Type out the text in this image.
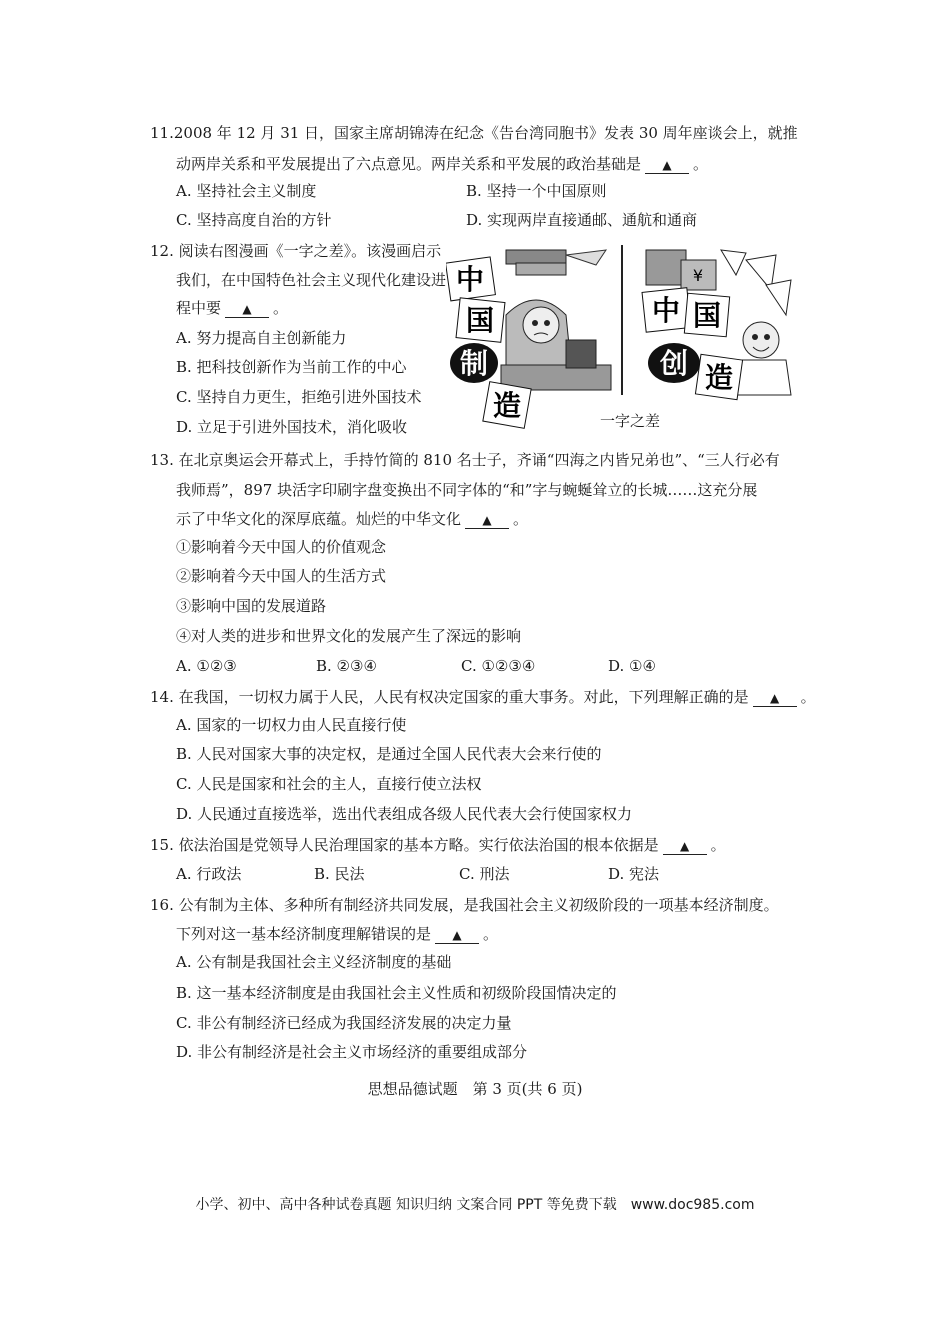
11.2008 年 12 月 31 日，国家主席胡锦涛在纪念《告台湾同胞书》发表 30 周年座谈会上，就推
动两岸关系和平发展提出了六点意见。两岸关系和平发展的政治基础是 ▲ 。
A. 坚持社会主义制度	B. 坚持一个中国原则
C. 坚持高度自治的方针	D. 实现两岸直接通邮、通航和通商
12. 阅读右图漫画《一字之差》。该漫画启示
我们，在中国特色社会主义现代化建设进
程中要 ▲ 。
A. 努力提高自主创新能力
B. 把科技创新作为当前工作的中心
C. 坚持自力更生，拒绝引进外国技术
D. 立足于引进外国技术，消化吸收
中
国
制
造
¥
中 国
创 造
一字之差
13. 在北京奥运会开幕式上，手持竹简的 810 名士子，齐诵“四海之内皆兄弟也”、“三人行必有
我师焉”，897 块活字印刷字盘变换出不同字体的“和”字与蜿蜒耸立的长城……这充分展
示了中华文化的深厚底蕴。灿烂的中华文化 ▲ 。
①影响着今天中国人的价值观念
②影响着今天中国人的生活方式
③影响中国的发展道路
④对人类的进步和世界文化的发展产生了深远的影响
A. ①②③	B. ②③④	C. ①②③④	D. ①④
14. 在我国，一切权力属于人民，人民有权决定国家的重大事务。对此，下列理解正确的是 ▲ 。
A. 国家的一切权力由人民直接行使
B. 人民对国家大事的决定权，是通过全国人民代表大会来行使的
C. 人民是国家和社会的主人，直接行使立法权
D. 人民通过直接选举，选出代表组成各级人民代表大会行使国家权力
15. 依法治国是党领导人民治理国家的基本方略。实行依法治国的根本依据是 ▲ 。
A. 行政法	B. 民法	C. 刑法	D. 宪法
16. 公有制为主体、多种所有制经济共同发展，是我国社会主义初级阶段的一项基本经济制度。
下列对这一基本经济制度理解错误的是 ▲ 。
A. 公有制是我国社会主义经济制度的基础
B. 这一基本经济制度是由我国社会主义性质和初级阶段国情决定的
C. 非公有制经济已经成为我国经济发展的决定力量
D. 非公有制经济是社会主义市场经济的重要组成部分
思想品德试题　第 3 页(共 6 页)
小学、初中、高中各种试卷真题 知识归纳 文案合同 PPT 等免费下载　www.doc985.com
